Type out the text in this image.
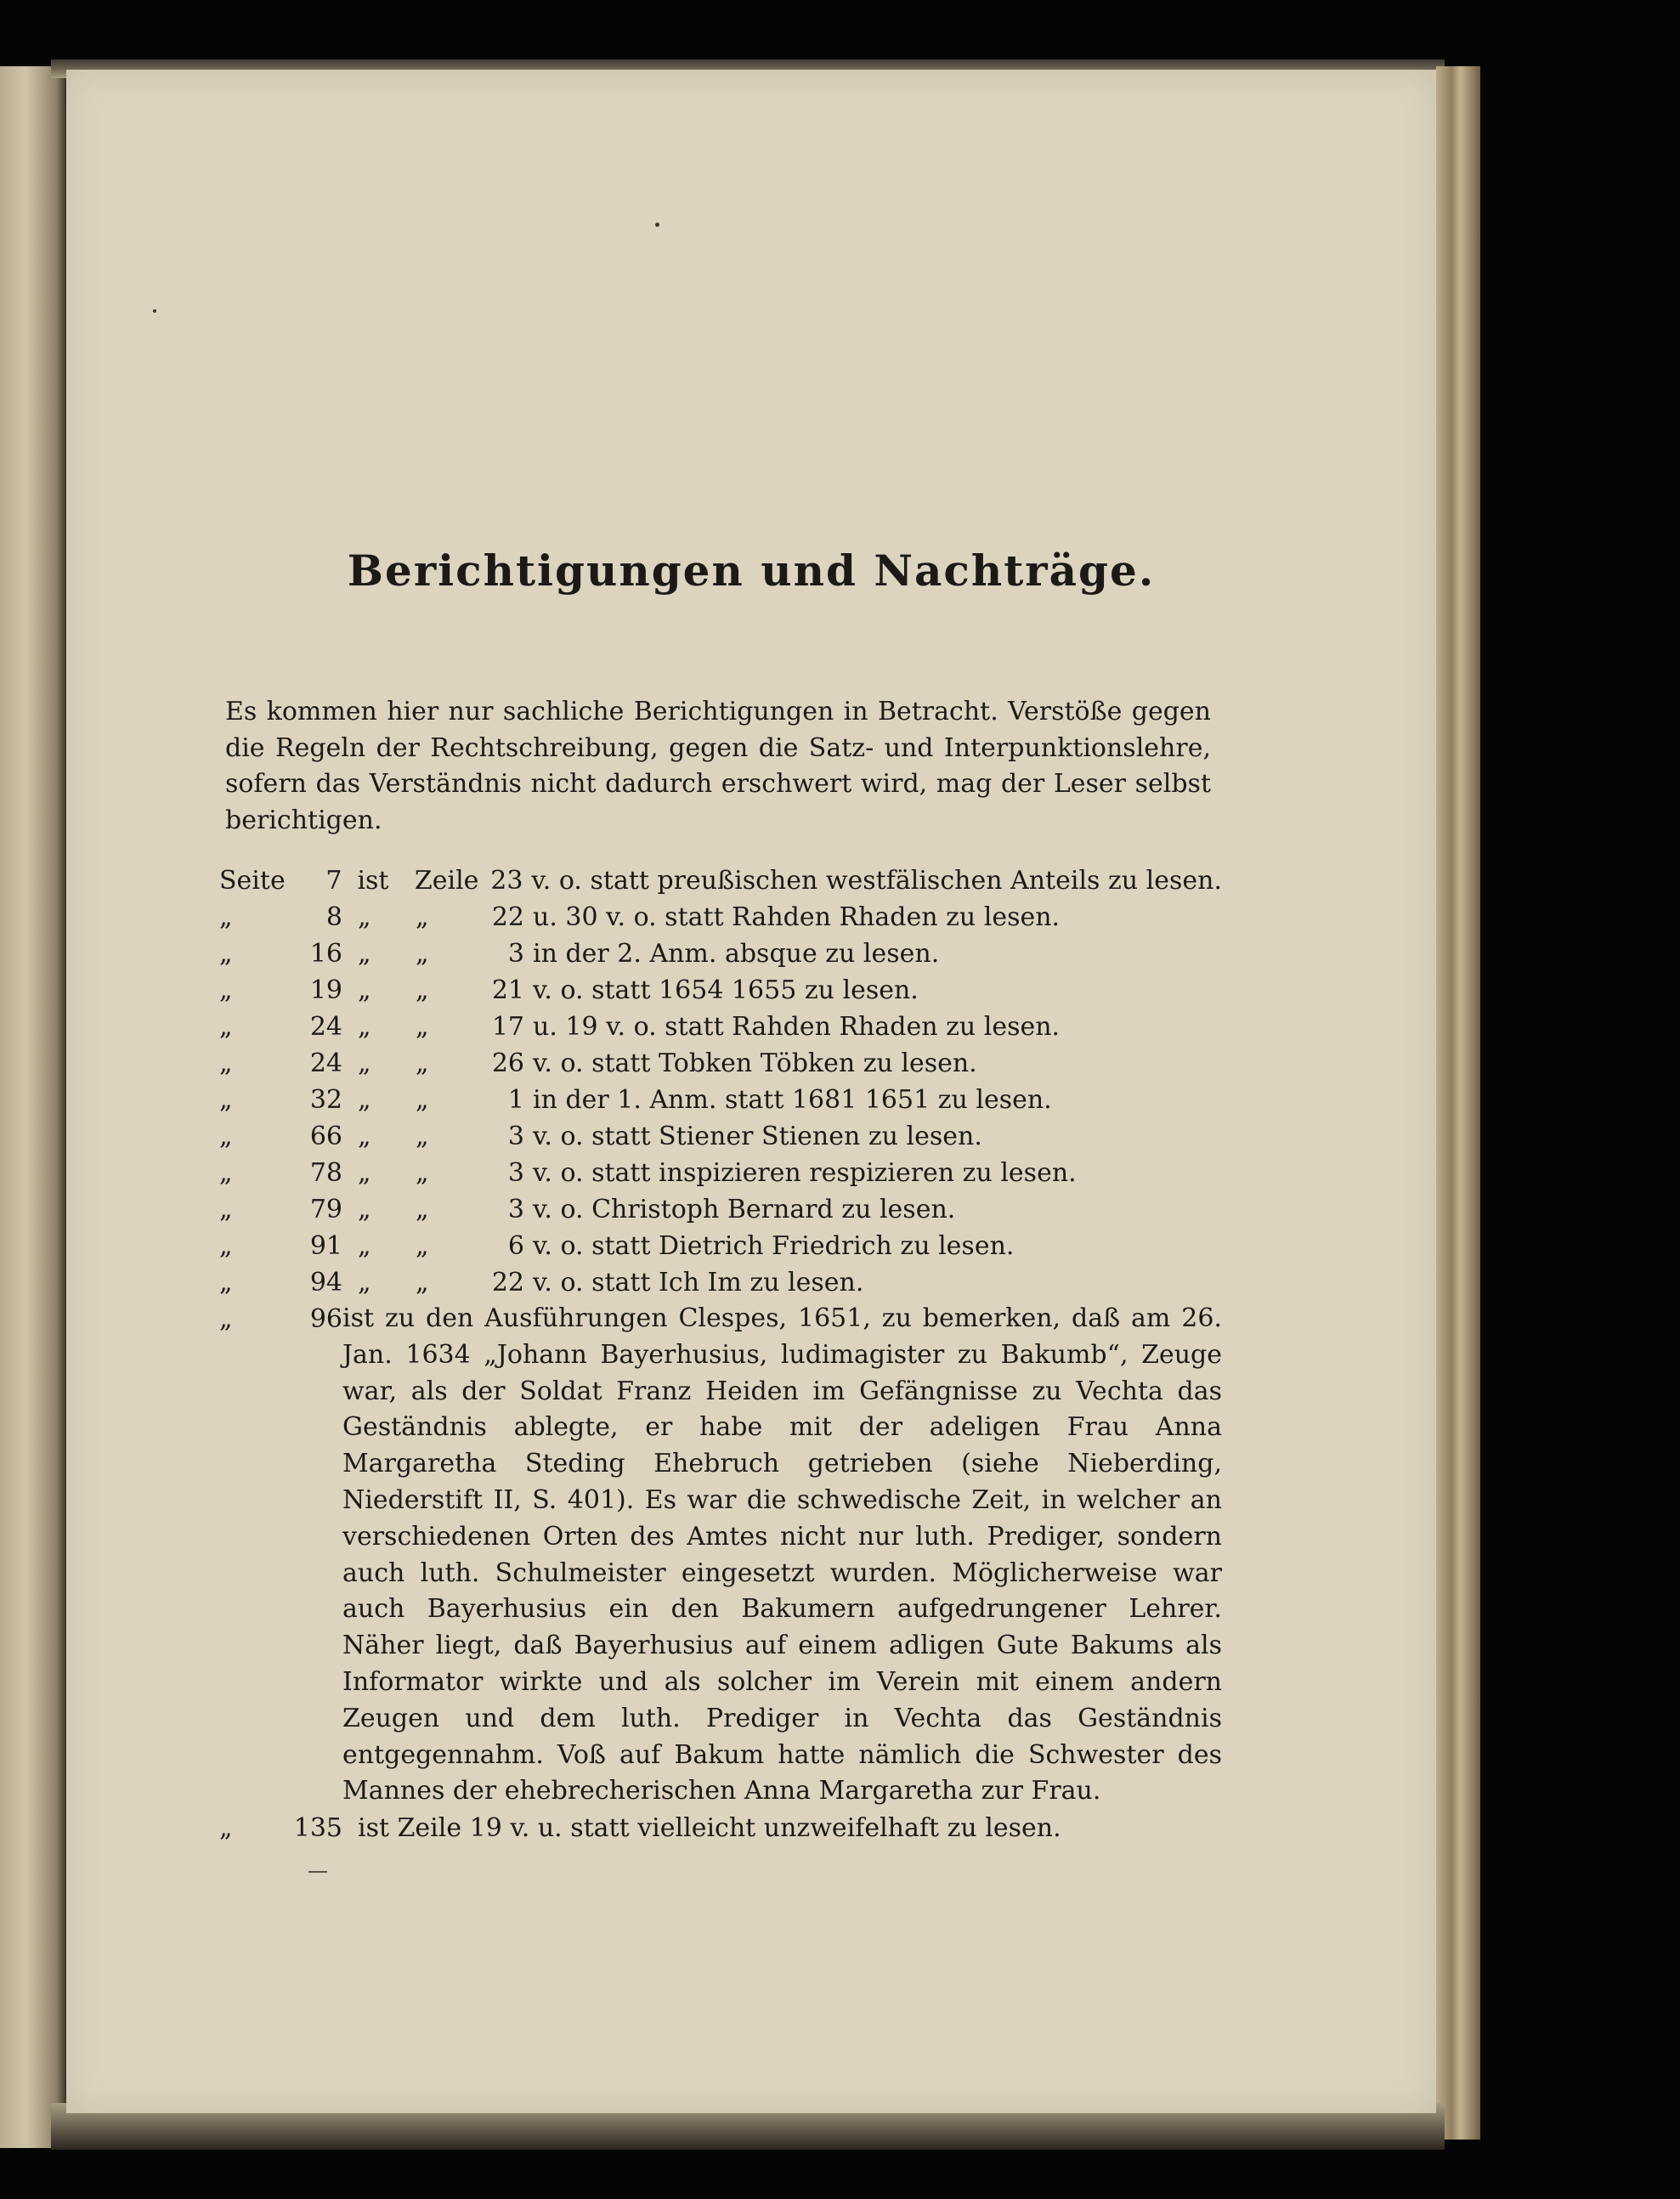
Berichtigungen und Nachträge.

Es kommen hier nur sachliche Berichtigungen in Betracht. Verstöße gegen die Regeln der Rechtschreibung, gegen die Satz- und Interpunktionslehre, sofern das Verständnis nicht dadurch erschwert wird, mag der Leser selbst berichtigen.

Seite	7 ist	Zeile 23 v. o. statt preußischen westfälischen Anteils zu lesen.
„	8 „	„	22 u. 30 v. o. statt Rahden Rhaden zu lesen.
„	16 „	„	3 in der 2. Anm. absque zu lesen.
„	19 „	„	21 v. o. statt 1654 1655 zu lesen.
„	24 „	„	17 u. 19 v. o. statt Rahden Rhaden zu lesen.
„	24 „	„	26 v. o. statt Tobken Töbken zu lesen.
„	32 „	„	1 in der 1. Anm. statt 1681 1651 zu lesen.
„	66 „	„	3 v. o. statt Stiener Stienen zu lesen.
„	78 „	„	3 v. o. statt inspizieren respizieren zu lesen.
„	79 „	„	3 v. o. Christoph Bernard zu lesen.
„	91 „	„	6 v. o. statt Dietrich Friedrich zu lesen.
„	94 „	„	22 v. o. statt Ich Im zu lesen.
„	96 ist zu den Ausführungen Clespes, 1651, zu bemerken, daß am 26. Jan. 1634 „Johann Bayerhusius, ludimagister zu Bakumb“, Zeuge war, als der Soldat Franz Heiden im Gefängnisse zu Vechta das Geständnis ablegte, er habe mit der adeligen Frau Anna Margaretha Steding Ehebruch getrieben (siehe Nieberding, Niederstift II, S. 401). Es war die schwedische Zeit, in welcher an verschiedenen Orten des Amtes nicht nur luth. Prediger, sondern auch luth. Schulmeister eingesetzt wurden. Möglicherweise war auch Bayerhusius ein den Bakumern aufgedrungener Lehrer. Näher liegt, daß Bayerhusius auf einem adligen Gute Bakums als Informator wirkte und als solcher im Verein mit einem andern Zeugen und dem luth. Prediger in Vechta das Geständnis entgegennahm. Voß auf Bakum hatte nämlich die Schwester des Mannes der ehebrecherischen Anna Margaretha zur Frau.
„	135 ist Zeile 19 v. u. statt vielleicht unzweifelhaft zu lesen.
